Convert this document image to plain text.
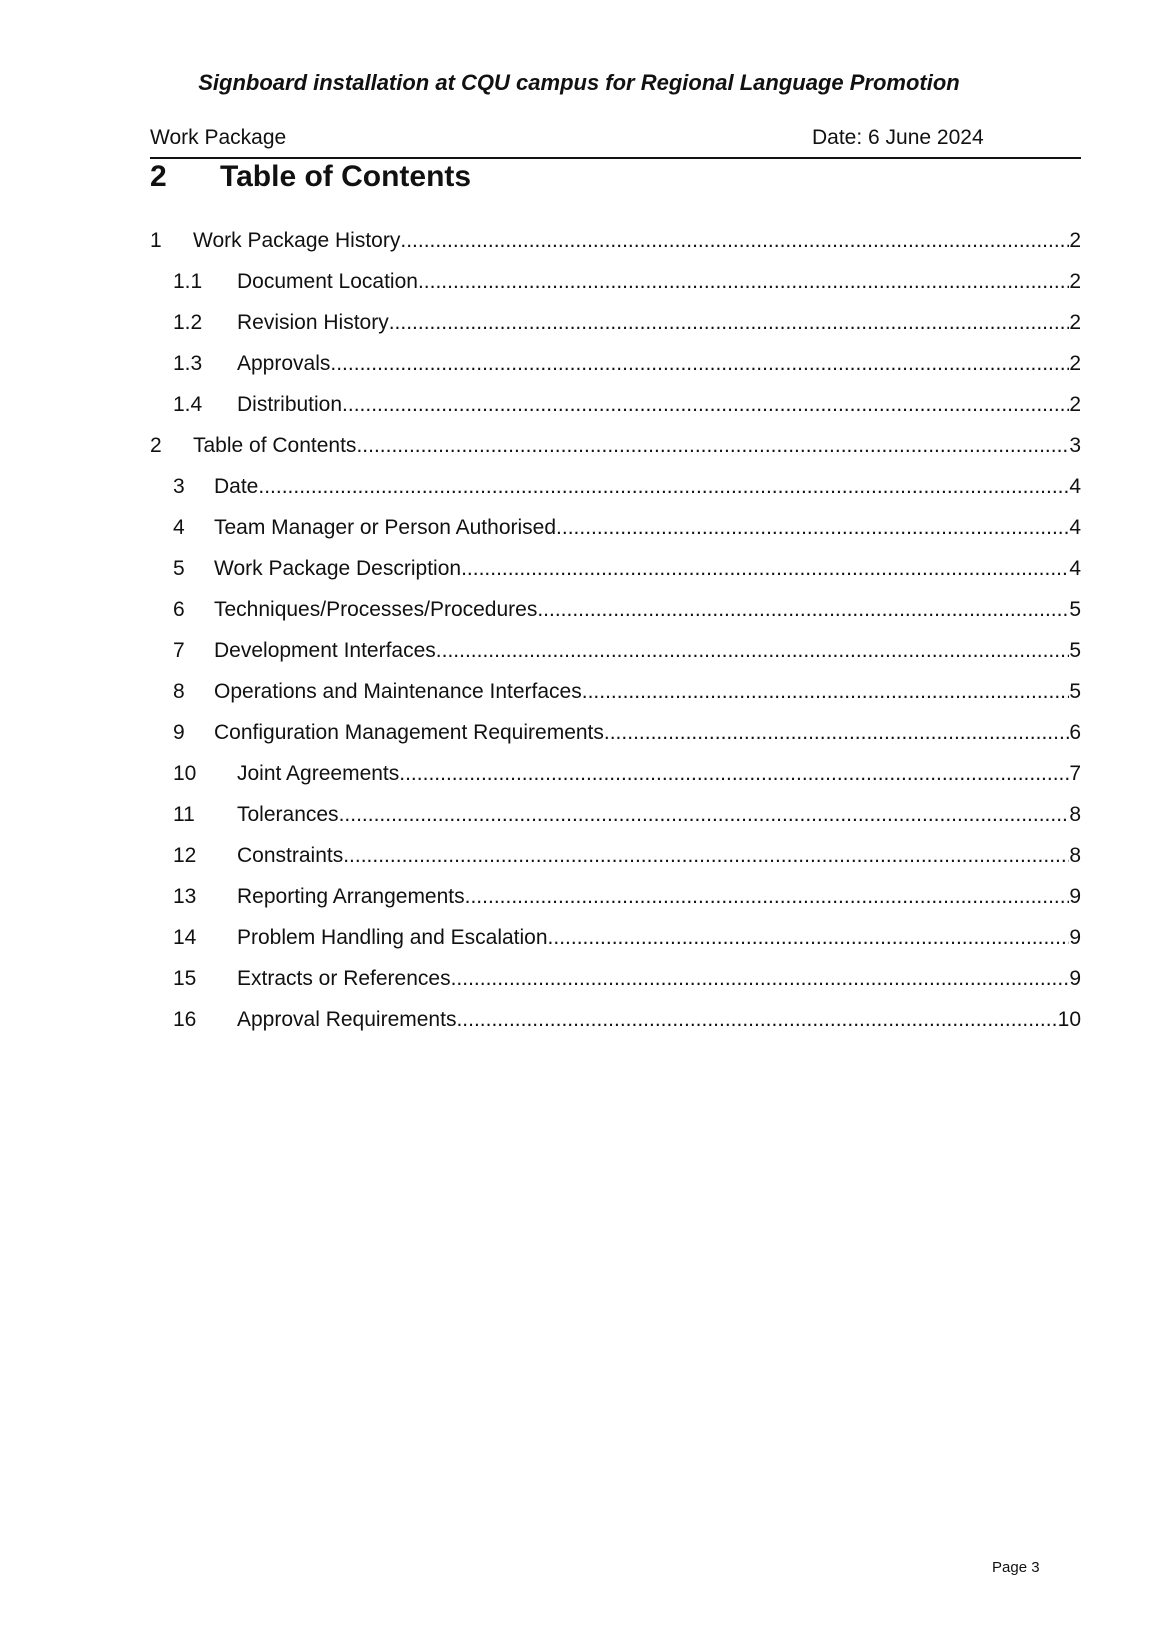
Signboard installation at CQU campus for Regional Language Promotion
Work Package	Date: 6 June 2024
2 Table of Contents
1	Work Package History .....	2
1.1	Document Location .....	2
1.2	Revision History .....	2
1.3	Approvals .....	2
1.4	Distribution .....	2
2	Table of Contents .....	3
3	Date .....	4
4	Team Manager or Person Authorised .....	4
5	Work Package Description .....	4
6	Techniques/Processes/Procedures .....	5
7	Development Interfaces .....	5
8	Operations and Maintenance Interfaces .....	5
9	Configuration Management Requirements .....	6
10	Joint Agreements .....	7
11	Tolerances .....	8
12	Constraints .....	8
13	Reporting Arrangements .....	9
14	Problem Handling and Escalation .....	9
15	Extracts or References .....	9
16	Approval Requirements .....	10
Page 3
